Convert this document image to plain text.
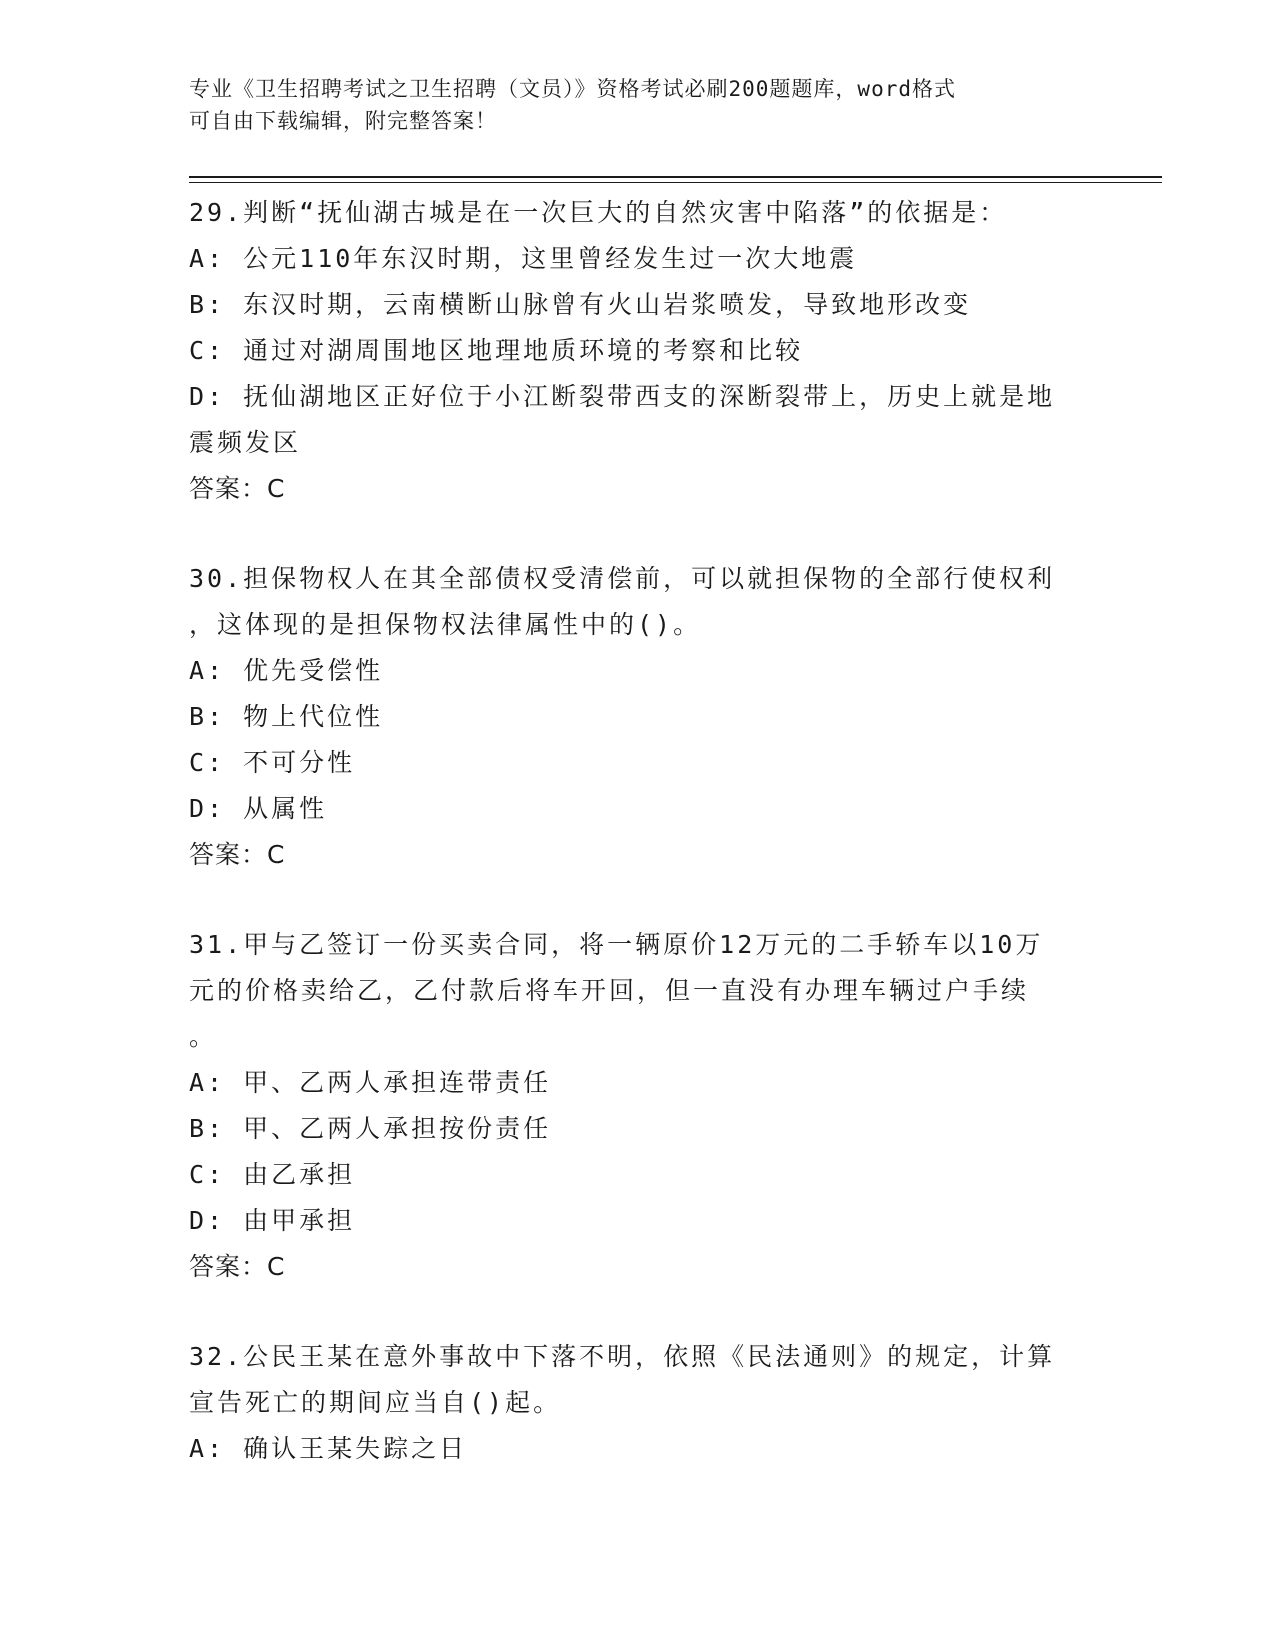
专业《卫生招聘考试之卫生招聘（文员）》资格考试必刷200题题库，word格式
可自由下载编辑，附完整答案！
29.判断“抚仙湖古城是在一次巨大的自然灾害中陷落”的依据是：
A: 公元110年东汉时期，这里曾经发生过一次大地震
B: 东汉时期，云南横断山脉曾有火山岩浆喷发，导致地形改变
C: 通过对湖周围地区地理地质环境的考察和比较
D: 抚仙湖地区正好位于小江断裂带西支的深断裂带上，历史上就是地
震频发区
答案：C
30.担保物权人在其全部债权受清偿前，可以就担保物的全部行使权利
，这体现的是担保物权法律属性中的()。
A: 优先受偿性
B: 物上代位性
C: 不可分性
D: 从属性
答案：C
31.甲与乙签订一份买卖合同，将一辆原价12万元的二手轿车以10万
元的价格卖给乙，乙付款后将车开回，但一直没有办理车辆过户手续
。
A: 甲、乙两人承担连带责任
B: 甲、乙两人承担按份责任
C: 由乙承担
D: 由甲承担
答案：C
32.公民王某在意外事故中下落不明，依照《民法通则》的规定，计算
宣告死亡的期间应当自()起。
A: 确认王某失踪之日
